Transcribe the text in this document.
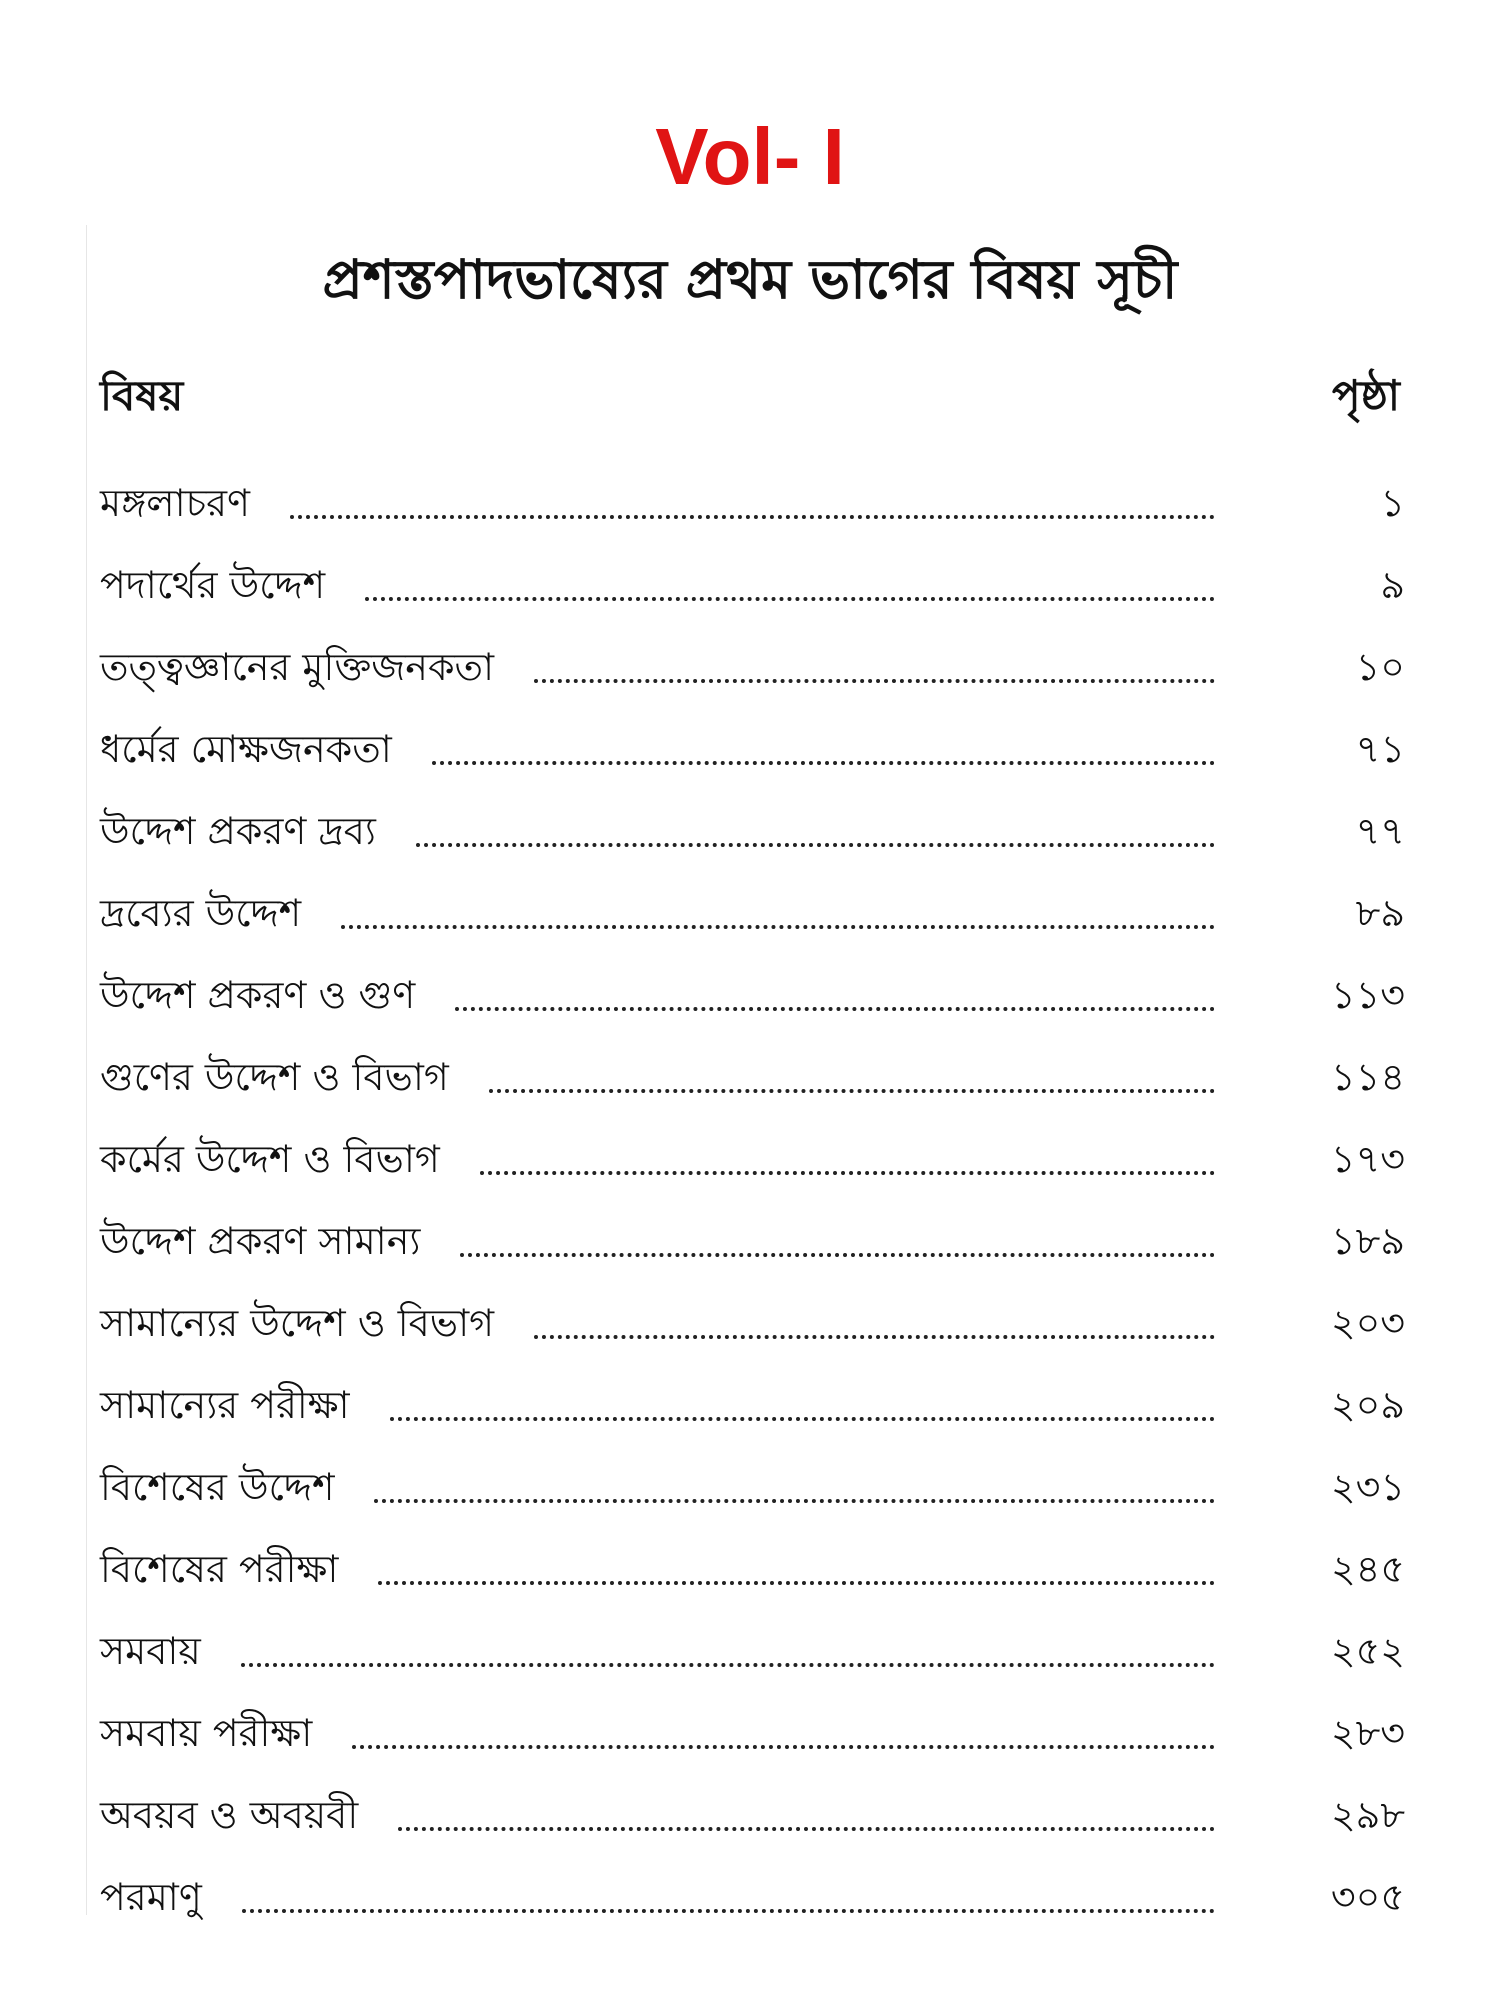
Vol- I
প্রশস্তপাদভাষ্যের প্রথম ভাগের বিষয় সূচী
বিষয়	পৃষ্ঠা
মঙ্গলাচরণ	১
পদার্থের উদ্দেশ	৯
তত্ত্বজ্ঞানের মুক্তিজনকতা	১০
ধর্মের মোক্ষজনকতা	৭১
উদ্দেশ প্রকরণ দ্রব্য	৭৭
দ্রব্যের উদ্দেশ	৮৯
উদ্দেশ প্রকরণ ও গুণ	১১৩
গুণের উদ্দেশ ও বিভাগ	১১৪
কর্মের উদ্দেশ ও বিভাগ	১৭৩
উদ্দেশ প্রকরণ সামান্য	১৮৯
সামান্যের উদ্দেশ ও বিভাগ	২০৩
সামান্যের পরীক্ষা	২০৯
বিশেষের উদ্দেশ	২৩১
বিশেষের পরীক্ষা	২৪৫
সমবায়	২৫২
সমবায় পরীক্ষা	২৮৩
অবয়ব ও অবয়বী	২৯৮
পরমাণু	৩০৫
